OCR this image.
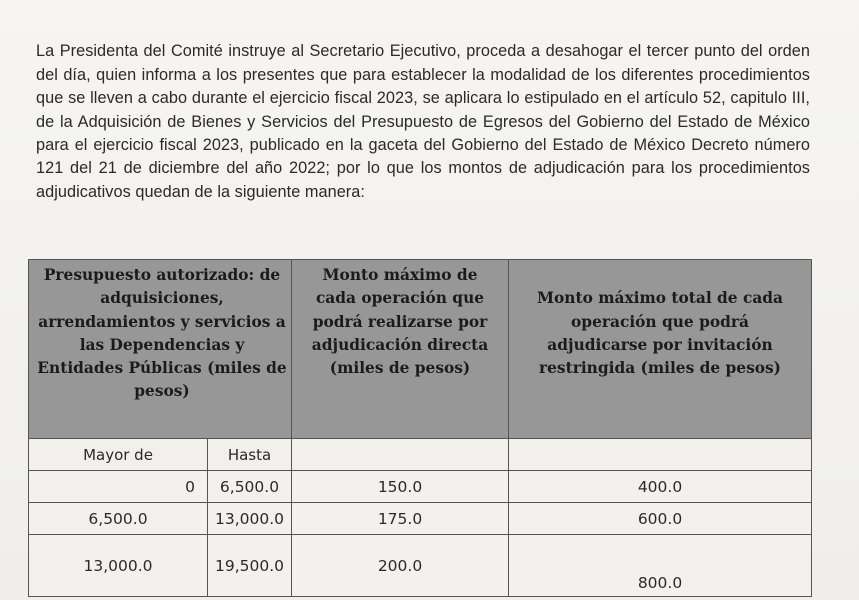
La Presidenta del Comité instruye al Secretario Ejecutivo, proceda a desahogar el tercer punto del orden del día, quien informa a los presentes que para establecer la modalidad de los diferentes procedimientos que se lleven a cabo durante el ejercicio fiscal 2023, se aplicara lo estipulado en el artículo 52, capitulo III, de la Adquisición de Bienes y Servicios del Presupuesto de Egresos del Gobierno del Estado de México para el ejercicio fiscal 2023, publicado en la gaceta del Gobierno del Estado de México Decreto número 121 del 21 de diciembre del año 2022; por lo que los montos de adjudicación para los procedimientos adjudicativos quedan de la siguiente manera:

Presupuesto autorizado: de adquisiciones, arrendamientos y servicios a las Dependencias y Entidades Públicas (miles de pesos)		Monto máximo de cada operación que podrá realizarse por adjudicación directa (miles de pesos)	Monto máximo total de cada operación que podrá adjudicarse por invitación restringida (miles de pesos)

Mayor de	Hasta		
0	6,500.0	150.0	400.0
6,500.0	13,000.0	175.0	600.0
13,000.0	19,500.0	200.0	800.0
